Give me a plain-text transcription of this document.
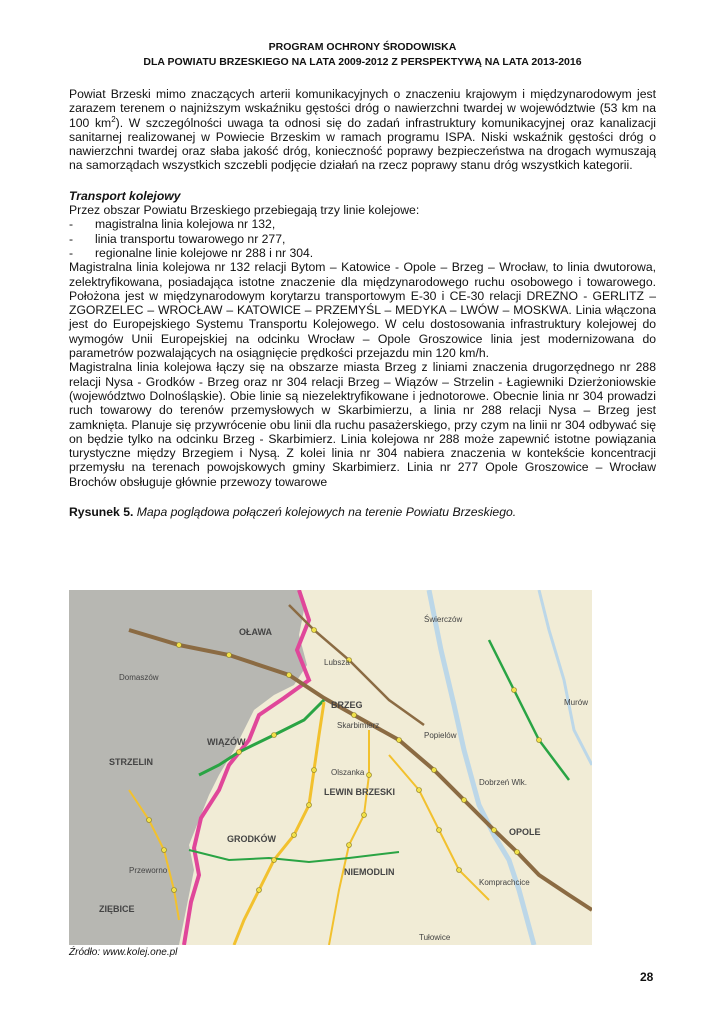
PROGRAM OCHRONY ŚRODOWISKA
DLA POWIATU BRZESKIEGO NA LATA 2009-2012 Z PERSPEKTYWĄ NA LATA 2013-2016

Powiat Brzeski mimo znaczących arterii komunikacyjnych o znaczeniu krajowym i międzynarodowym jest zarazem terenem o najniższym wskaźniku gęstości dróg o nawierzchni twardej w województwie (53 km na 100 $km^2$). W szczególności uwaga ta odnosi się do zadań infrastruktury komunikacyjnej oraz kanalizacji sanitarnej realizowanej w Powiecie Brzeskim w ramach programu ISPA. Niski wskaźnik gęstości dróg o nawierzchni twardej oraz słaba jakość dróg, konieczność poprawy bezpieczeństwa na drogach wymuszają na samorządach wszystkich szczebli podjęcie działań na rzecz poprawy stanu dróg wszystkich kategorii.

Transport kolejowy

Przez obszar Powiatu Brzeskiego przebiegają trzy linie kolejowe:

- magistralna linia kolejowa nr 132,
- linia transportu towarowego nr 277,
- regionalne linie kolejowe nr 288 i nr 304.

Magistralna linia kolejowa nr 132 relacji Bytom – Katowice - Opole – Brzeg – Wrocław, to linia dwutorowa, zelektryfikowana, posiadająca istotne znaczenie dla międzynarodowego ruchu osobowego i towarowego. Położona jest w międzynarodowym korytarzu transportowym E-30 i CE-30 relacji DREZNO - GERLITZ – ZGORZELEC – WROCŁAW – KATOWICE – PRZEMYŚL – MEDYKA – LWÓW – MOSKWA. Linia włączona jest do Europejskiego Systemu Transportu Kolejowego. W celu dostosowania infrastruktury kolejowej do wymogów Unii Europejskiej na odcinku Wrocław – Opole Groszowice linia jest modernizowana do parametrów pozwalających na osiągnięcie prędkości przejazdu min 120 km/h.

Magistralna linia kolejowa łączy się na obszarze miasta Brzeg z liniami znaczenia drugorzędnego nr 288 relacji Nysa - Grodków - Brzeg oraz nr 304 relacji Brzeg – Wiązów – Strzelin - Łagiewniki Dzierżoniowskie (województwo Dolnośląskie). Obie linie są niezelektryfikowane i jednotorowe. Obecnie linia nr 304 prowadzi ruch towarowy do terenów przemysłowych w Skarbimierzu, a linia nr 288 relacji Nysa – Brzeg jest zamknięta. Planuje się przywrócenie obu linii dla ruchu pasażerskiego, przy czym na linii nr 304 odbywać się on będzie tylko na odcinku Brzeg - Skarbimierz. Linia kolejowa nr 288 może zapewnić istotne powiązania turystyczne między Brzegiem i Nysą. Z kolei linia nr 304 nabiera znaczenia w kontekście koncentracji przemysłu na terenach powojskowych gminy Skarbimierz. Linia nr 277 Opole Groszowice – Wrocław Brochów obsługuje głównie przewozy towarowe

Rysunek 5. Mapa poglądowa połączeń kolejowych na terenie Powiatu Brzeskiego.

OŁAWA
BRZEG
WIĄZÓW
STRZELIN
GRODKÓW
LEWIN BRZESKI
NIEMODLIN
OPOLE
ZIĘBICE
Lubsza
Olszanka
Skarbimierz
Popielów
Dobrzeń Wlk.
Komprachcice
Przeworno
Domaszów
Świerczów
Murów
Tułowice
Źródło: www.kolej.one.pl
28
